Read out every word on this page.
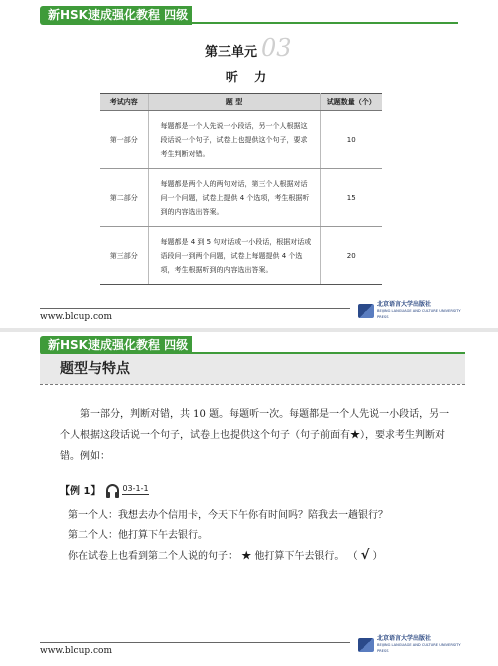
新HSK速成强化教程 四级
第三单元 03
听 力
考试内容	题 型	试题数量（个）
第一部分	每题都是一个人先说一小段话，另一个人根据这段话说一个句子，试卷上也提供这个句子，要求考生判断对错。	10
第二部分	每题都是两个人的两句对话，第三个人根据对话问一个问题，试卷上提供 4 个选项，考生根据听到的内容选出答案。	15
第三部分	每题都是 4 到 5 句对话或一小段话，根据对话或语段问一到两个问题，试卷上每题提供 4 个选项，考生根据听到的内容选出答案。	20
北京语言大学出版社
BEIJING LANGUAGE AND CULTURE UNIVERSITY PRESS
www.blcup.com
新HSK速成强化教程 四级
题型与特点

第一部分，判断对错，共 10 题。每题听一次。每题都是一个人先说一小段话，另一个人根据这段话说一个句子，试卷上也提供这个句子（句子前面有★），要求考生判断对错。例如：

【例 1】	03-1-1
第一个人：我想去办个信用卡，今天下午你有时间吗？陪我去一趟银行？
第二个人：他打算下午去银行。
你在试卷上也看到第二个人说的句子： ★ 他打算下午去银行。 （ √ ）
北京语言大学出版社
BEIJING LANGUAGE AND CULTURE UNIVERSITY PRESS
www.blcup.com
